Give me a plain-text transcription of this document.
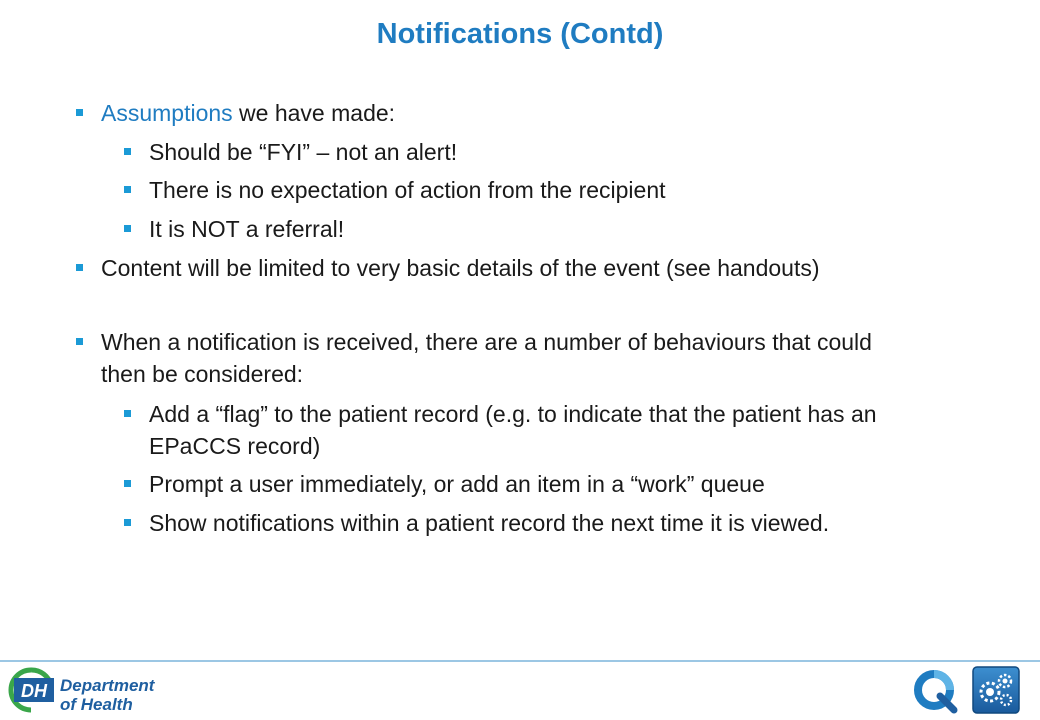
Notifications (Contd)
Assumptions we have made:
Should be “FYI” – not an alert!
There is no expectation of action from the recipient
It is NOT a referral!
Content will be limited to very basic details of the event (see handouts)
When a notification is received, there are a number of behaviours that could
then be considered:
Add a “flag” to the patient record (e.g. to indicate that the patient has an
EPaCCS record)
Prompt a user immediately, or add an item in a “work” queue
Show notifications within a patient record the next time it is viewed.
DH Department
of Health
